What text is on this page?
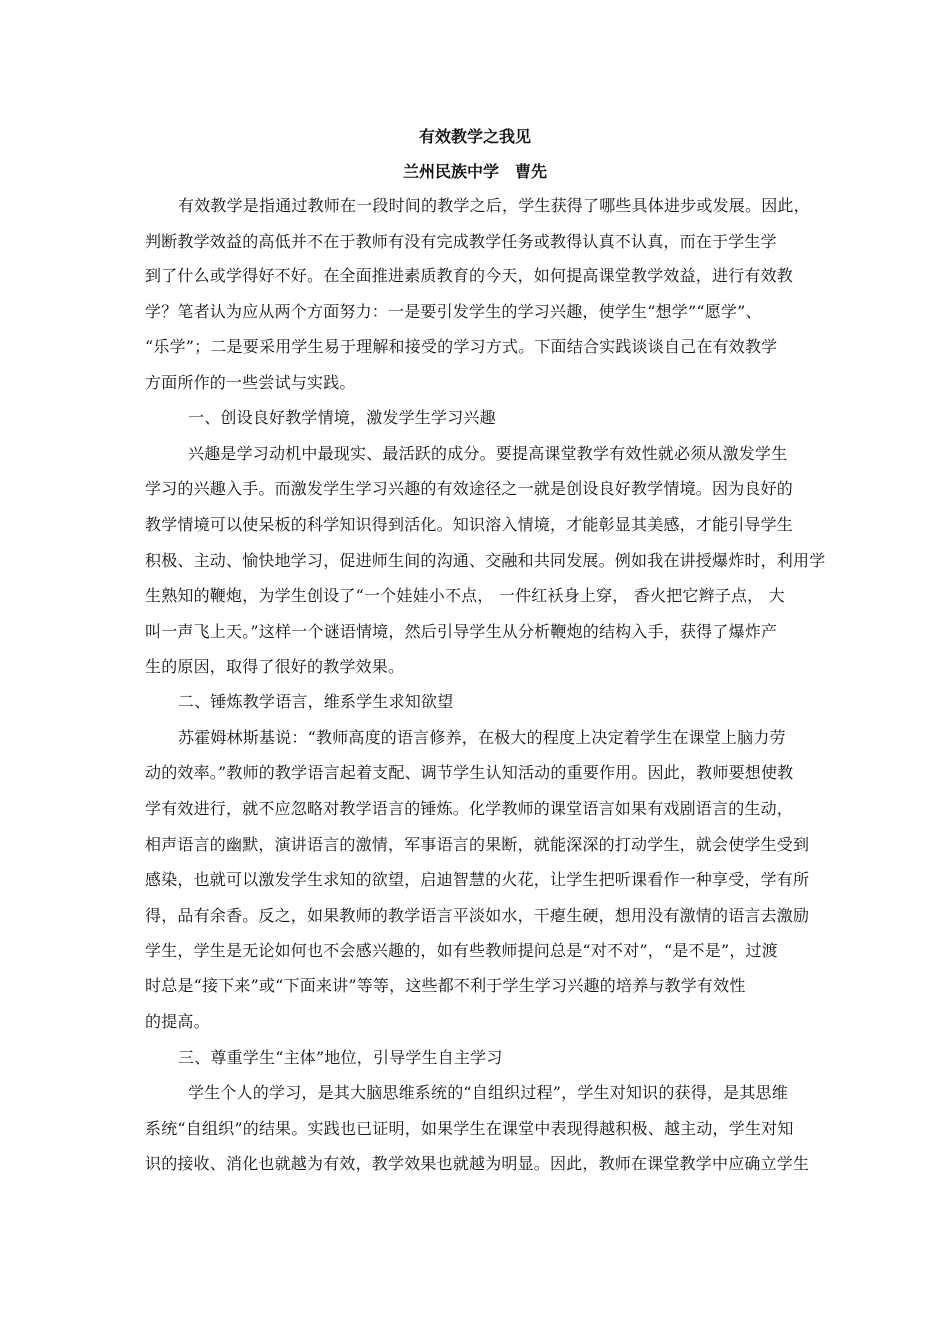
有效教学之我见
兰州民族中学　曹先
有效教学是指通过教师在一段时间的教学之后，学生获得了哪些具体进步或发展。因此，
判断教学效益的高低并不在于教师有没有完成教学任务或教得认真不认真，而在于学生学
到了什么或学得好不好。在全面推进素质教育的今天，如何提高课堂教学效益，进行有效教
学？笔者认为应从两个方面努力：一是要引发学生的学习兴趣，使学生“想学”“愿学”、
“乐学”；二是要采用学生易于理解和接受的学习方式。下面结合实践谈谈自己在有效教学
方面所作的一些尝试与实践。
一、创设良好教学情境，激发学生学习兴趣
兴趣是学习动机中最现实、最活跃的成分。要提高课堂教学有效性就必须从激发学生
学习的兴趣入手。而激发学生学习兴趣的有效途径之一就是创设良好教学情境。因为良好的
教学情境可以使呆板的科学知识得到活化。知识溶入情境，才能彰显其美感，才能引导学生
积极、主动、愉快地学习，促进师生间的沟通、交融和共同发展。例如我在讲授爆炸时，利用学
生熟知的鞭炮，为学生创设了“一个娃娃小不点， 一件红袄身上穿， 香火把它辫子点， 大
叫一声飞上天。”这样一个谜语情境，然后引导学生从分析鞭炮的结构入手，获得了爆炸产
生的原因，取得了很好的教学效果。
二、锤炼教学语言，维系学生求知欲望
苏霍姆林斯基说：“教师高度的语言修养，在极大的程度上决定着学生在课堂上脑力劳
动的效率。”教师的教学语言起着支配、调节学生认知活动的重要作用。因此，教师要想使教
学有效进行，就不应忽略对教学语言的锤炼。化学教师的课堂语言如果有戏剧语言的生动，
相声语言的幽默，演讲语言的激情，军事语言的果断，就能深深的打动学生，就会使学生受到
感染，也就可以激发学生求知的欲望，启迪智慧的火花，让学生把听课看作一种享受，学有所
得，品有余香。反之，如果教师的教学语言平淡如水，干瘪生硬，想用没有激情的语言去激励
学生，学生是无论如何也不会感兴趣的，如有些教师提问总是“对不对”，“是不是”，过渡
时总是“接下来”或“下面来讲”等等，这些都不利于学生学习兴趣的培养与教学有效性
的提高。
三、尊重学生“主体”地位，引导学生自主学习
学生个人的学习，是其大脑思维系统的“自组织过程”，学生对知识的获得，是其思维
系统“自组织”的结果。实践也已证明，如果学生在课堂中表现得越积极、越主动，学生对知
识的接收、消化也就越为有效，教学效果也就越为明显。因此，教师在课堂教学中应确立学生
